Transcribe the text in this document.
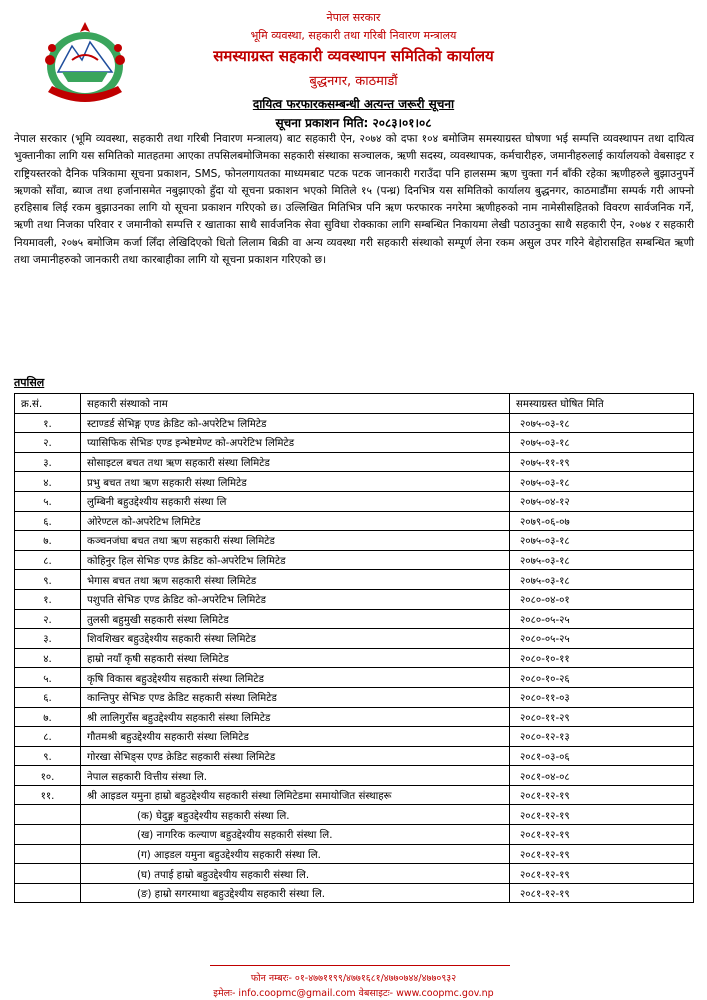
नेपाल सरकार
भूमि व्यवस्था, सहकारी तथा गरिबी निवारण मन्त्रालय
समस्याग्रस्त सहकारी व्यवस्थापन समितिको कार्यालय
बुद्धनगर, काठमाडौं
दायित्व फरफारकसम्बन्धी अत्यन्त जरूरी सूचना
सूचना प्रकाशन मिति: २०८३।०१।०८

नेपाल सरकार (भूमि व्यवस्था, सहकारी तथा गरिबी निवारण मन्त्रालय) बाट सहकारी ऐन, २०७४ को दफा १०४ बमोजिम समस्याग्रस्त घोषणा भई सम्पत्ति व्यवस्थापन तथा दायित्व भुक्तानीका लागि यस समितिको मातहतमा आएका तपसिलबमोजिमका सहकारी संस्थाका सञ्चालक, ऋणी सदस्य, व्यवस्थापक, कर्मचारीहरु, जमानीहरुलाई कार्यालयको वेबसाइट र राष्ट्रियस्तरको दैनिक पत्रिकामा सूचना प्रकाशन, SMS, फोनलगायतका माध्यमबाट पटक पटक जानकारी गराउँदा पनि हालसम्म ऋण चुक्ता गर्न बाँकी रहेका ऋणीहरुले बुझाउनुपर्ने ऋणको साँवा, ब्याज तथा हर्जानासमेत नबुझाएको हुँदा यो सूचना प्रकाशन भएको मितिले १५ (पन्ध्र) दिनभित्र यस समितिको कार्यालय बुद्धनगर, काठमाडौंमा सम्पर्क गरी आफ्नो हरहिसाब लिई रकम बुझाउनका लागि यो सूचना प्रकाशन गरिएको छ। उल्लिखित मितिभित्र पनि ऋण फरफारक नगरेमा ऋणीहरुको नाम नामेसीसहितको विवरण सार्वजनिक गर्ने, ऋणी तथा निजका परिवार र जमानीको सम्पत्ति र खाताका साथै सार्वजनिक सेवा सुविधा रोक्काका लागि सम्बन्धित निकायमा लेखी पठाउनुका साथै सहकारी ऐन, २०७४ र सहकारी नियमावली, २०७५ बमोजिम कर्जा लिँदा लेखिदिएको धितो लिलाम बिक्री वा अन्य व्यवस्था गरी सहकारी संस्थाको सम्पूर्ण लेना रकम असुल उपर गरिने बेहोरासहित सम्बन्धित ऋणी तथा जमानीहरुको जानकारी तथा कारबाहीका लागि यो सूचना प्रकाशन गरिएको छ।

तपसिल
क्र.सं.	सहकारी संस्थाको नाम	समस्याग्रस्त घोषित मिति
१.	स्टाण्डर्ड सेभिङ्ग एण्ड क्रेडिट को-अपरेटिभ लिमिटेड	२०७५-०३-१८
२.	प्यासिफिक सेभिङ एण्ड इन्भेष्टमेण्ट को-अपरेटिभ लिमिटेड	२०७५-०३-१८
३.	सोसाइटल बचत तथा ऋण सहकारी संस्था लिमिटेड	२०७५-११-१९
४.	प्रभु बचत तथा ऋण सहकारी संस्था लिमिटेड	२०७५-०३-१८
५.	लुम्बिनी बहुउद्देश्यीय सहकारी संस्था लि	२०७५-०४-१२
६.	ओरेण्टल को-अपरेटिभ लिमिटेड	२०७९-०६-०७
७.	कञ्चनजंघा बचत तथा ऋण सहकारी संस्था लिमिटेड	२०७५-०३-१८
८.	कोहिनुर हिल सेभिङ एण्ड क्रेडिट को-अपरेटिभ लिमिटेड	२०७५-०३-१८
९.	भेगास बचत तथा ऋण सहकारी संस्था लिमिटेड	२०७५-०३-१८
१.	पशुपति सेभिङ एण्ड क्रेडिट को-अपरेटिभ लिमिटेड	२०८०-०४-०१
२.	तुलसी बहुमुखी सहकारी संस्था लिमिटेड	२०८०-०५-२५
३.	शिवशिखर बहुउद्देश्यीय सहकारी संस्था लिमिटेड	२०८०-०५-२५
४.	हाम्रो नयाँ कृषी सहकारी संस्था लिमिटेड	२०८०-१०-११
५.	कृषि विकास बहुउद्देश्यीय सहकारी संस्था लिमिटेड	२०८०-१०-२६
६.	कान्तिपुर सेभिङ एण्ड क्रेडिट सहकारी संस्था लिमिटेड	२०८०-११-०३
७.	श्री लालिगुराँस बहुउद्देश्यीय सहकारी संस्था लिमिटेड	२०८०-११-२९
८.	गौतमश्री बहुउद्देश्यीय सहकारी संस्था लिमिटेड	२०८०-१२-१३
९.	गोरखा सेभिङ्स एण्ड क्रेडिट सहकारी संस्था लिमिटेड	२०८१-०३-०६
१०.	नेपाल सहकारी वित्तीय संस्था लि.	२०८१-०४-०८
११.	श्री आइडल यमुना हाम्रो बहुउद्देश्यीय सहकारी संस्था लिमिटेडमा समायोजित संस्थाहरू	२०८१-१२-१९
	(क) घेदुङ्ग बहुउद्देश्यीय सहकारी संस्था लि.	२०८१-१२-१९
	(ख) नागरिक कल्याण बहुउद्देश्यीय सहकारी संस्था लि.	२०८१-१२-१९
	(ग) आइडल यमुना बहुउद्देश्यीय सहकारी संस्था लि.	२०८१-१२-१९
	(घ) तपाई हाम्रो बहुउद्देश्यीय सहकारी संस्था लि.	२०८१-१२-१९
	(ङ) हाम्रो सगरमाथा बहुउद्देश्यीय सहकारी संस्था लि.	२०८१-१२-१९
फोन नम्बरः- ०१-४७७११९९/४७७१६८१/४७७०७४४/४७७०९३२
इमेलः- info.coopmc@gmail.com वेबसाइटः- www.coopmc.gov.np
